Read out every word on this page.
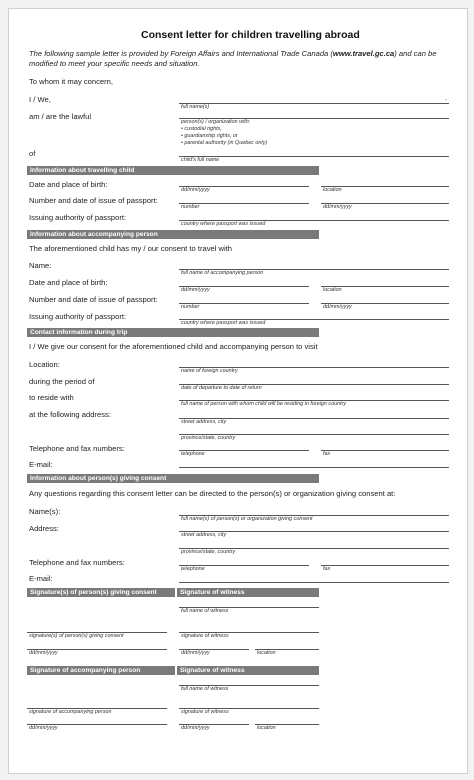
Consent letter for children travelling abroad
The following sample letter is provided by Foreign Affairs and International Trade Canada (www.travel.gc.ca) and can be
modified to meet your specific needs and situation.
To whom it may concern,
I / We,	.
full name(s)
am / are the lawful
person(s) / organization with:
• custodial rights,
• guardianship rights, or
• parental authority (in Quebec only)
of
child's full name
Information about travelling child
Date and place of birth:
dd/mm/yyyy	location
Number and date of issue of passport:
number	dd/mm/yyyy
Issuing authority of passport:
country where passport was issued
Information about accompanying person
The aforementioned child has my / our consent to travel with
Name:
full name of accompanying person
Date and place of birth:
dd/mm/yyyy	location
Number and date of issue of passport:
number	dd/mm/yyyy
Issuing authority of passport:
country where passport was issued
Contact information during trip
I / We give our consent for the aforementioned child and accompanying person to visit
Location:
name of foreign country
during the period of
date of departure to date of return
to reside with
full name of person with whom child will be residing in foreign country
at the following address:
street address, city
province/state, country
Telephone and fax numbers:
telephone	fax
E-mail:
Information about person(s) giving consent
Any questions regarding this consent letter can be directed to the person(s) or organization giving consent at:
Name(s):
full name(s) of person(s) or organization giving consent
Address:
street address, city
province/state, country
Telephone and fax numbers:
telephone	fax
E-mail:
Signature(s) of person(s) giving consent	Signature of witness
full name of witness
signature(s) of person(s) giving consent	signature of witness
dd/mm/yyyy	dd/mm/yyyy	location
Signature of accompanying person	Signature of witness
full name of witness
signature of accompanying person	signature of witness
dd/mm/yyyy	dd/mm/yyyy	location
